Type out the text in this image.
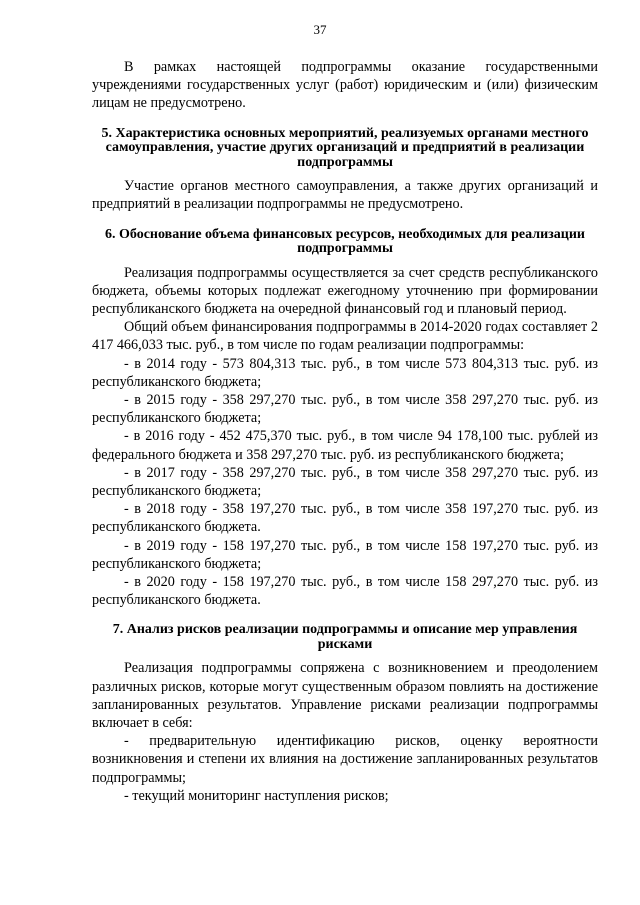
37

В рамках настоящей подпрограммы оказание государственными учреждениями государственных услуг (работ) юридическим и (или) физическим лицам не предусмотрено.

5. Характеристика основных мероприятий, реализуемых органами местного самоуправления, участие других организаций и предприятий в реализации подпрограммы

Участие органов местного самоуправления, а также других организаций и предприятий в реализации подпрограммы не предусмотрено.

6. Обоснование объема финансовых ресурсов, необходимых для реализации подпрограммы

Реализация подпрограммы осуществляется за счет средств республиканского бюджета, объемы которых подлежат ежегодному уточнению при формировании республиканского бюджета на очередной финансовый год и плановый период.

Общий объем финансирования подпрограммы в 2014-2020 годах составляет 2 417 466,033 тыс. руб., в том числе по годам реализации подпрограммы:

- в 2014 году - 573 804,313 тыс. руб., в том числе 573 804,313 тыс. руб. из республиканского бюджета;

- в 2015 году - 358 297,270 тыс. руб., в том числе 358 297,270 тыс. руб. из республиканского бюджета;

- в 2016 году - 452 475,370 тыс. руб., в том числе 94 178,100 тыс. рублей из федерального бюджета и 358 297,270 тыс. руб. из республиканского бюджета;

- в 2017 году - 358 297,270 тыс. руб., в том числе 358 297,270 тыс. руб. из республиканского бюджета;

- в 2018 году - 358 197,270 тыс. руб., в том числе 358 197,270 тыс. руб. из республиканского бюджета.

- в 2019 году - 158 197,270 тыс. руб., в том числе 158 197,270 тыс. руб. из республиканского бюджета;

- в 2020 году - 158 197,270 тыс. руб., в том числе 158 297,270 тыс. руб. из республиканского бюджета.

7. Анализ рисков реализации подпрограммы и описание мер управления рисками

Реализация подпрограммы сопряжена с возникновением и преодолением различных рисков, которые могут существенным образом повлиять на достижение запланированных результатов. Управление рисками реализации подпрограммы включает в себя:

- предварительную идентификацию рисков, оценку вероятности возникновения и степени их влияния на достижение запланированных результатов подпрограммы;

- текущий мониторинг наступления рисков;
